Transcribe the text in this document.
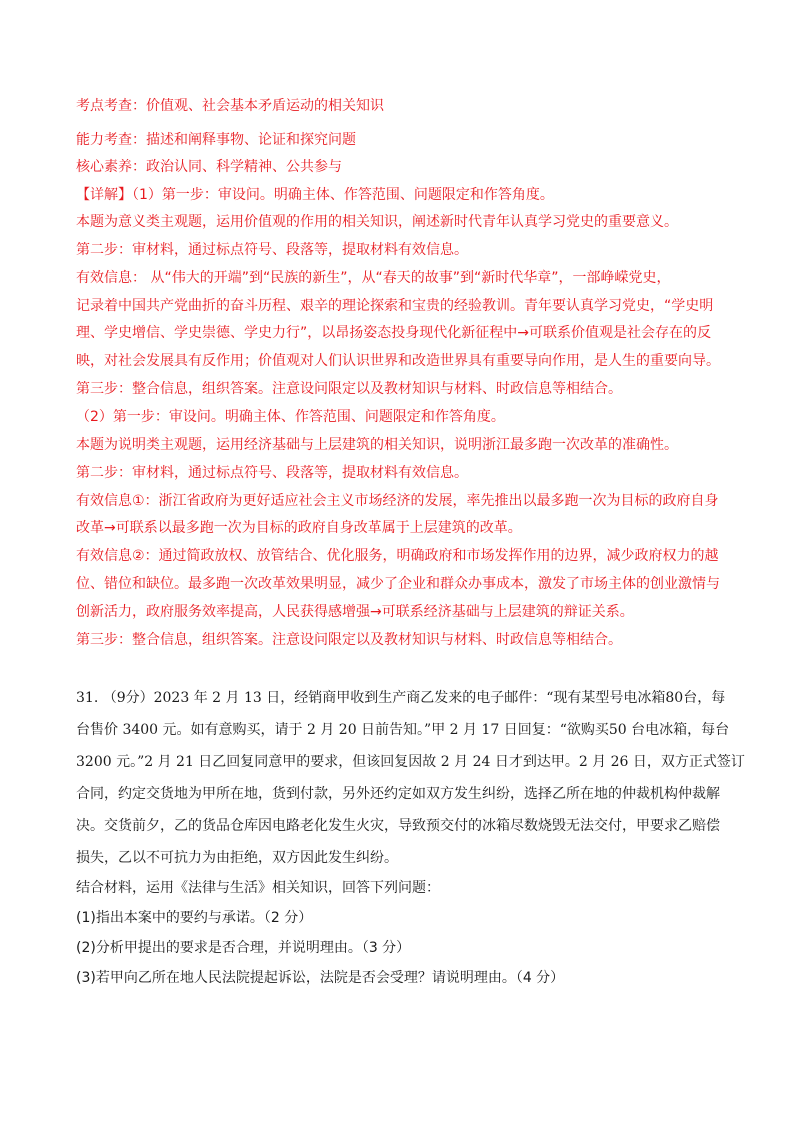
考点考查：价值观、社会基本矛盾运动的相关知识
能力考查：描述和阐释事物、论证和探究问题
核心素养：政治认同、科学精神、公共参与
【详解】（1）第一步：审设问。明确主体、作答范围、问题限定和作答角度。
本题为意义类主观题，运用价值观的作用的相关知识，阐述新时代青年认真学习党史的重要意义。
第二步：审材料，通过标点符号、段落等，提取材料有效信息。
有效信息： 从“伟大的开端”到“民族的新生”，从“春天的故事”到“新时代华章”，一部峥嵘党史，
记录着中国共产党曲折的奋斗历程、艰辛的理论探索和宝贵的经验教训。青年要认真学习党史，“学史明
理、学史增信、学史崇德、学史力行”，以昂扬姿态投身现代化新征程中→可联系价值观是社会存在的反
映，对社会发展具有反作用；价值观对人们认识世界和改造世界具有重要导向作用，是人生的重要向导。
第三步：整合信息，组织答案。注意设问限定以及教材知识与材料、时政信息等相结合。
（2）第一步：审设问。明确主体、作答范围、问题限定和作答角度。
本题为说明类主观题，运用经济基础与上层建筑的相关知识，说明浙江最多跑一次改革的准确性。
第二步：审材料，通过标点符号、段落等，提取材料有效信息。
有效信息①：浙江省政府为更好适应社会主义市场经济的发展，率先推出以最多跑一次为目标的政府自身
改革→可联系以最多跑一次为目标的政府自身改革属于上层建筑的改革。
有效信息②：通过简政放权、放管结合、优化服务，明确政府和市场发挥作用的边界，减少政府权力的越
位、错位和缺位。最多跑一次改革效果明显，减少了企业和群众办事成本，激发了市场主体的创业激情与
创新活力，政府服务效率提高，人民获得感增强→可联系经济基础与上层建筑的辩证关系。
第三步：整合信息，组织答案。注意设问限定以及教材知识与材料、时政信息等相结合。
31. （9分）2023 年 2 月 13 日，经销商甲收到生产商乙发来的电子邮件：“现有某型号电冰箱80台，每
台售价 3400 元。如有意购买，请于 2 月 20 日前告知。”甲 2 月 17 日回复：“欲购买50 台电冰箱，每台
3200 元。”2 月 21 日乙回复同意甲的要求，但该回复因故 2 月 24 日才到达甲。2 月 26 日，双方正式签订
合同，约定交货地为甲所在地，货到付款，另外还约定如双方发生纠纷，选择乙所在地的仲裁机构仲裁解
决。交货前夕，乙的货品仓库因电路老化发生火灾，导致预交付的冰箱尽数烧毁无法交付，甲要求乙赔偿
损失，乙以不可抗力为由拒绝，双方因此发生纠纷。
结合材料，运用《法律与生活》相关知识，回答下列问题：
(1)指出本案中的要约与承诺。（2 分）
(2)分析甲提出的要求是否合理，并说明理由。（3 分）
(3)若甲向乙所在地人民法院提起诉讼，法院是否会受理？请说明理由。（4 分）
